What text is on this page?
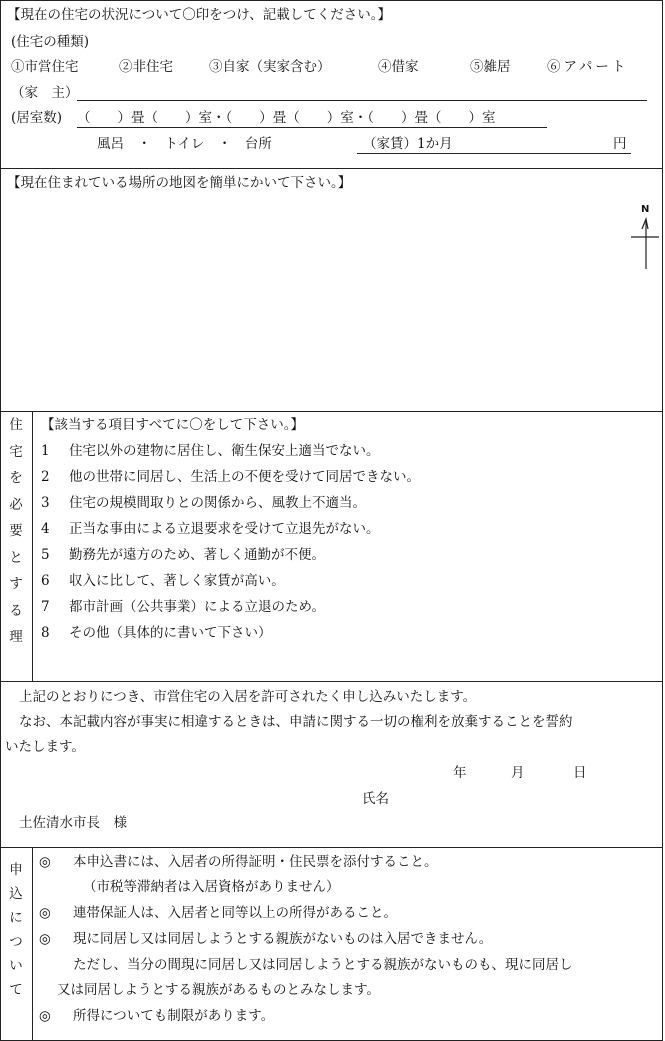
【現在の住宅の状況について〇印をつけ、記載してください。】
(住宅の種類)
①市営住宅	②非住宅	③自家（実家含む）	④借家	⑤雑居	⑥アパート
（家　主）
(居室数) （　　）畳（　　）室・（　　）畳（　　）室・（　　）畳（　　）室
風呂　・　トイレ　・　台所	（家賃）1か月	円
【現在住まれている場所の地図を簡単にかいて下さい。】
N
住
宅
を
必
要
と
す
る
理
【該当する項目すべてに〇をして下さい。】
1 住宅以外の建物に居住し、衛生保安上適当でない。
2 他の世帯に同居し、生活上の不便を受けて同居できない。
3 住宅の規模間取りとの関係から、風教上不適当。
4 正当な事由による立退要求を受けて立退先がない。
5 勤務先が遠方のため、著しく通勤が不便。
6 収入に比して、著しく家賃が高い。
7 都市計画（公共事業）による立退のため。
8 その他（具体的に書いて下さい）
上記のとおりにつき、市営住宅の入居を許可されたく申し込みいたします。
なお、本記載内容が事実に相違するときは、申請に関する一切の権利を放棄することを誓約
いたします。
年	月	日
氏名
土佐清水市長　様
申
込
に
つ
い
て
◎ 本申込書には、入居者の所得証明・住民票を添付すること。
（市税等滞納者は入居資格がありません）
◎ 連帯保証人は、入居者と同等以上の所得があること。
◎ 現に同居し又は同居しようとする親族がないものは入居できません。
ただし、当分の間現に同居し又は同居しようとする親族がないものも、現に同居し
又は同居しようとする親族があるものとみなします。
◎ 所得についても制限があります。
